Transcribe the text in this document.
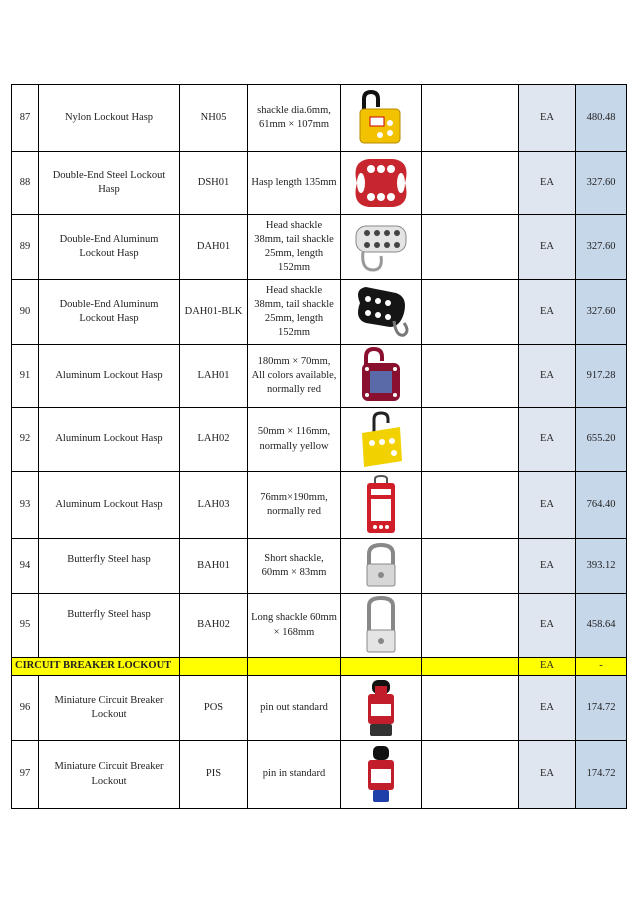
87	Nylon Lockout Hasp	NH05	shackle dia.6mm, 61mm × 107mm			EA	480.48
88	Double-End Steel Lockout Hasp	DSH01	Hasp length 135mm			EA	327.60
89	Double-End Aluminum Lockout Hasp	DAH01	Head shackle 38mm, tail shackle 25mm, length 152mm			EA	327.60
90	Double-End Aluminum Lockout Hasp	DAH01-BLK	Head shackle 38mm, tail shackle 25mm, length 152mm			EA	327.60
91	Aluminum Lockout Hasp	LAH01	180mm × 70mm, All colors available, normally red			EA	917.28
92	Aluminum Lockout Hasp	LAH02	50mm × 116mm, normally yellow			EA	655.20
93	Aluminum Lockout Hasp	LAH03	76mm×190mm, normally red			EA	764.40
94	Butterfly Steel hasp	BAH01	Short shackle, 60mm × 83mm			EA	393.12
95	Butterfly Steel hasp	BAH02	Long shackle 60mm × 168mm			EA	458.64
CIRCUIT BREAKER LOCKOUT						EA	-
96	Miniature Circuit Breaker Lockout	POS	pin out standard			EA	174.72
97	Miniature Circuit Breaker Lockout	PIS	pin in standard			EA	174.72
